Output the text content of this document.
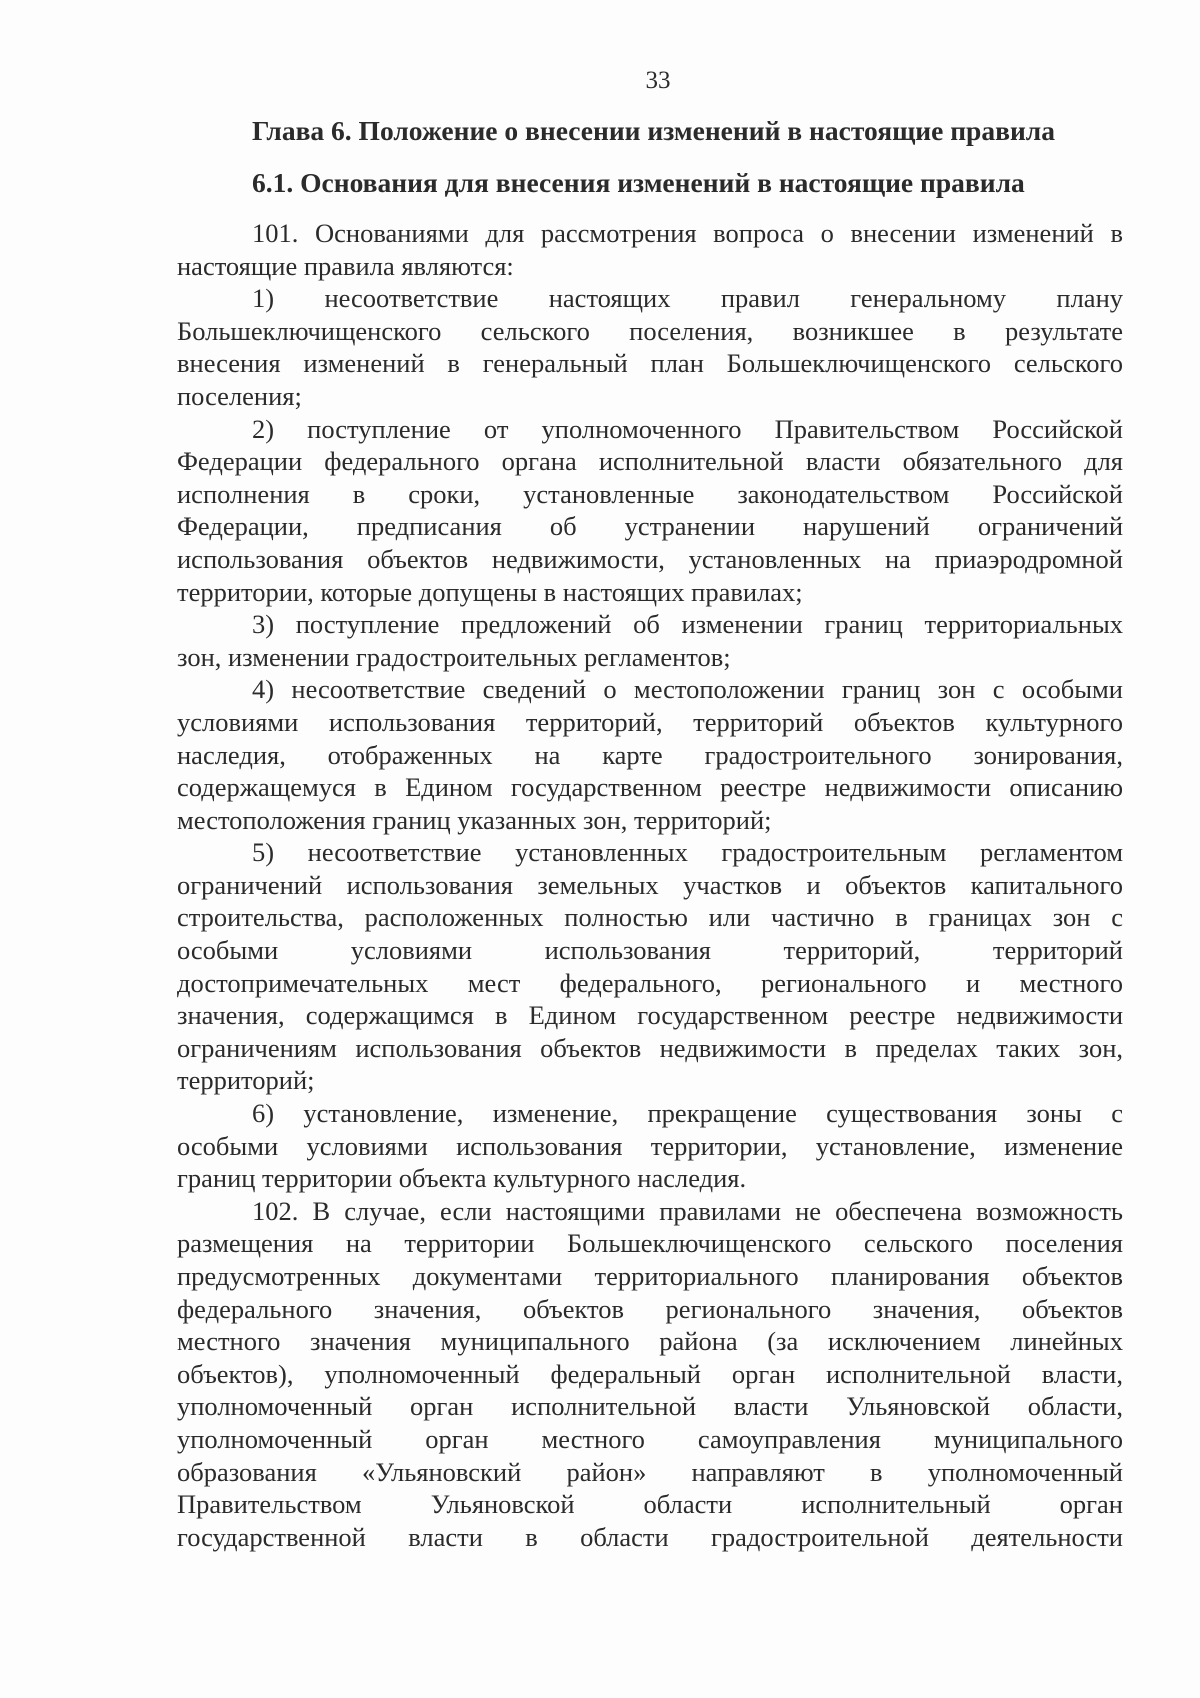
33
Глава 6. Положение о внесении изменений в настоящие правила
6.1. Основания для внесения изменений в настоящие правила
101. Основаниями для рассмотрения вопроса о внесении изменений в
настоящие правила являются:
1) несоответствие настоящих правил генеральному плану
Большеключищенского сельского поселения, возникшее в результате
внесения изменений в генеральный план Большеключищенского сельского
поселения;
2) поступление от уполномоченного Правительством Российской
Федерации федерального органа исполнительной власти обязательного для
исполнения в сроки, установленные законодательством Российской
Федерации, предписания об устранении нарушений ограничений
использования объектов недвижимости, установленных на приаэродромной
территории, которые допущены в настоящих правилах;
3) поступление предложений об изменении границ территориальных
зон, изменении градостроительных регламентов;
4) несоответствие сведений о местоположении границ зон с особыми
условиями использования территорий, территорий объектов культурного
наследия, отображенных на карте градостроительного зонирования,
содержащемуся в Едином государственном реестре недвижимости описанию
местоположения границ указанных зон, территорий;
5) несоответствие установленных градостроительным регламентом
ограничений использования земельных участков и объектов капитального
строительства, расположенных полностью или частично в границах зон с
особыми условиями использования территорий, территорий
достопримечательных мест федерального, регионального и местного
значения, содержащимся в Едином государственном реестре недвижимости
ограничениям использования объектов недвижимости в пределах таких зон,
территорий;
6) установление, изменение, прекращение существования зоны с
особыми условиями использования территории, установление, изменение
границ территории объекта культурного наследия.
102. В случае, если настоящими правилами не обеспечена возможность
размещения на территории Большеключищенского сельского поселения
предусмотренных документами территориального планирования объектов
федерального значения, объектов регионального значения, объектов
местного значения муниципального района (за исключением линейных
объектов), уполномоченный федеральный орган исполнительной власти,
уполномоченный орган исполнительной власти Ульяновской области,
уполномоченный орган местного самоуправления муниципального
образования «Ульяновский район» направляют в уполномоченный
Правительством Ульяновской области исполнительный орган
государственной власти в области градостроительной деятельности
